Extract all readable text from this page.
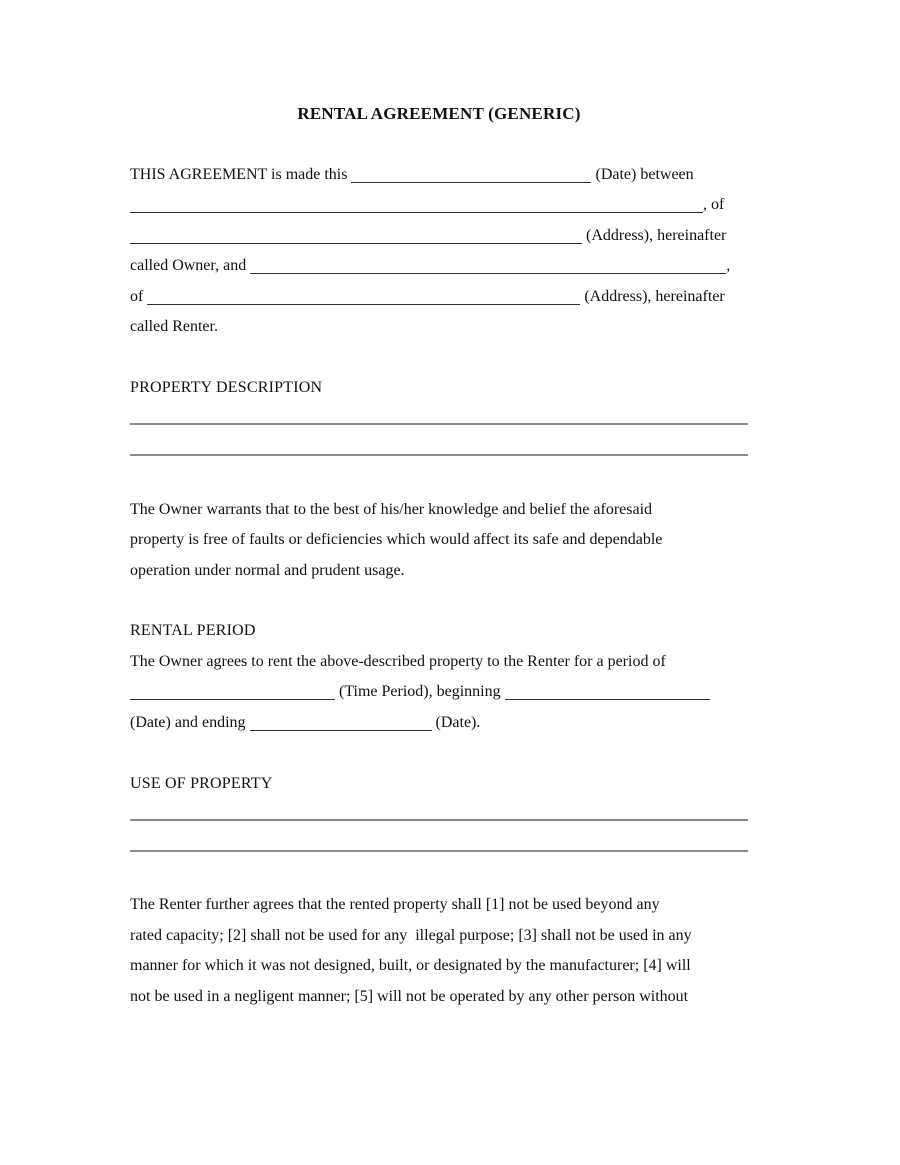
RENTAL AGREEMENT (GENERIC)
THIS AGREEMENT is made this	(Date) between
, of
(Address), hereinafter
called Owner, and	,
of	(Address), hereinafter
called Renter.
PROPERTY DESCRIPTION
The Owner warrants that to the best of his/her knowledge and belief the aforesaid
property is free of faults or deficiencies which would affect its safe and dependable
operation under normal and prudent usage.
RENTAL PERIOD
The Owner agrees to rent the above-described property to the Renter for a period of
(Time Period), beginning
(Date) and ending	(Date).
USE OF PROPERTY
The Renter further agrees that the rented property shall [1] not be used beyond any
rated capacity; [2] shall not be used for any  illegal purpose; [3] shall not be used in any
manner for which it was not designed, built, or designated by the manufacturer; [4] will
not be used in a negligent manner; [5] will not be operated by any other person without
